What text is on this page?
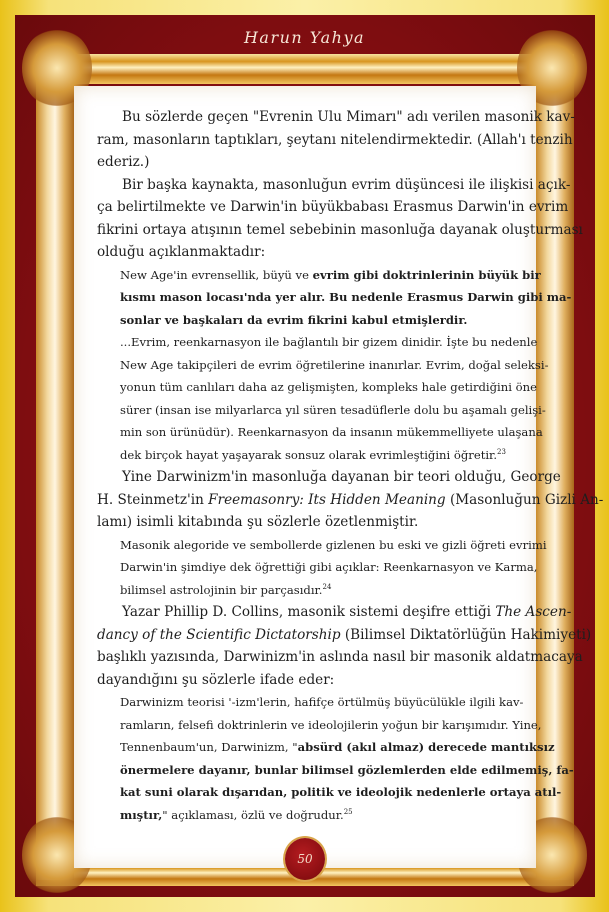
Harun Yahya
Bu sözlerde geçen "Evrenin Ulu Mimarı" adı verilen masonik kav-
ram, masonların taptıkları, şeytanı nitelendirmektedir. (Allah'ı tenzih
ederiz.)
Bir başka kaynakta, masonluğun evrim düşüncesi ile ilişkisi açık-
ça belirtilmekte ve Darwin'in büyükbabası Erasmus Darwin'in evrim
fikrini ortaya atışının temel sebebinin masonluğa dayanak oluşturması
olduğu açıklanmaktadır:
New Age'in evrensellik, büyü ve evrim gibi doktrinlerinin büyük bir
kısmı mason locası'nda yer alır. Bu nedenle Erasmus Darwin gibi ma-
sonlar ve başkaları da evrim fikrini kabul etmişlerdir.
...Evrim, reenkarnasyon ile bağlantılı bir gizem dinidir. İşte bu nedenle
New Age takipçileri de evrim öğretilerine inanırlar. Evrim, doğal seleksi-
yonun tüm canlıları daha az gelişmişten, kompleks hale getirdiğini öne
sürer (insan ise milyarlarca yıl süren tesadüflerle dolu bu aşamalı gelişi-
min son ürünüdür). Reenkarnasyon da insanın mükemmelliyete ulaşana
dek birçok hayat yaşayarak sonsuz olarak evrimleştiğini öğretir.$^{23}$
Yine Darwinizm'in masonluğa dayanan bir teori olduğu, George
H. Steinmetz'in Freemasonry: Its Hidden Meaning (Masonluğun Gizli An-
lamı) isimli kitabında şu sözlerle özetlenmiştir.
Masonik alegoride ve sembollerde gizlenen bu eski ve gizli öğreti evrimi
Darwin'in şimdiye dek öğrettiği gibi açıklar: Reenkarnasyon ve Karma,
bilimsel astrolojinin bir parçasıdır.$^{24}$
Yazar Phillip D. Collins, masonik sistemi deşifre ettiği The Ascen-
dancy of the Scientific Dictatorship (Bilimsel Diktatörlüğün Hakimiyeti)
başlıklı yazısında, Darwinizm'in aslında nasıl bir masonik aldatmacaya
dayandığını şu sözlerle ifade eder:
Darwinizm teorisi '-izm'lerin, hafifçe örtülmüş büyücülükle ilgili kav-
ramların, felsefi doktrinlerin ve ideolojilerin yoğun bir karışımıdır. Yine,
Tennenbaum'un, Darwinizm, "absürd (akıl almaz) derecede mantıksız
önermelere dayanır, bunlar bilimsel gözlemlerden elde edilmemiş, fa-
kat suni olarak dışarıdan, politik ve ideolojik nedenlerle ortaya atıl-
mıştır," açıklaması, özlü ve doğrudur.$^{25}$
50
